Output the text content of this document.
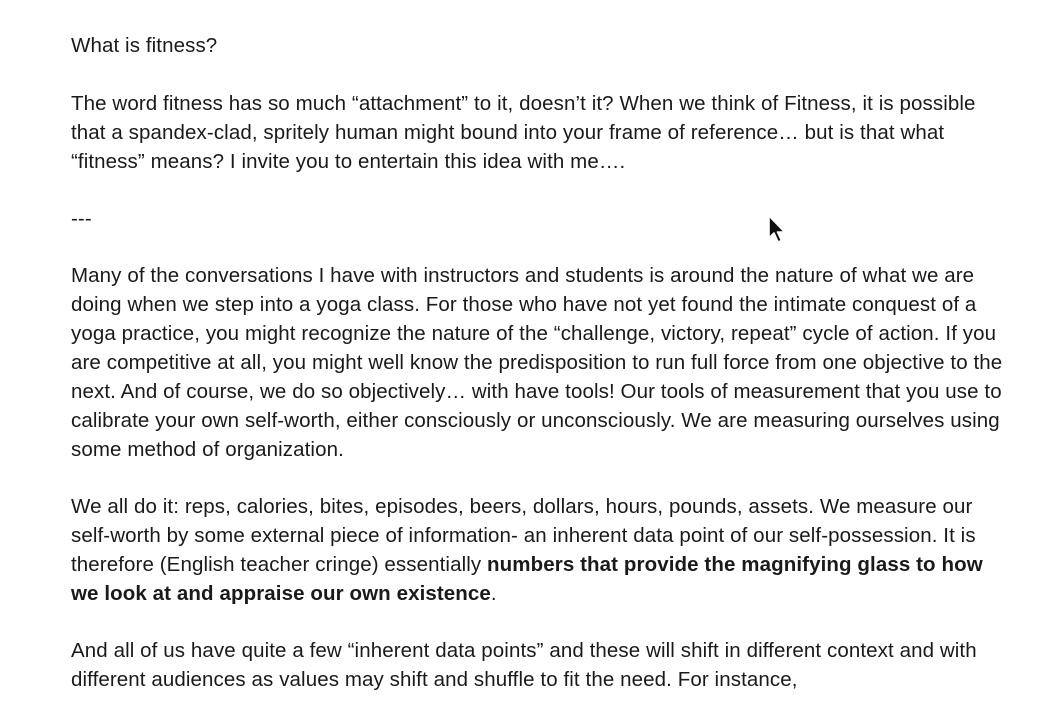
What is fitness?

The word fitness has so much “attachment” to it, doesn’t it? When we think of Fitness, it is possible that a spandex-clad, spritely human might bound into your frame of reference… but is that what “fitness” means? I invite you to entertain this idea with me….

---

Many of the conversations I have with instructors and students is around the nature of what we are doing when we step into a yoga class. For those who have not yet found the intimate conquest of a yoga practice, you might recognize the nature of the “challenge, victory, repeat” cycle of action. If you are competitive at all, you might well know the predisposition to run full force from one objective to the next. And of course, we do so objectively… with have tools! Our tools of measurement that you use to calibrate your own self-worth, either consciously or unconsciously. We are measuring ourselves using some method of organization.

We all do it: reps, calories, bites, episodes, beers, dollars, hours, pounds, assets. We measure our self-worth by some external piece of information- an inherent data point of our self-possession. It is therefore (English teacher cringe) essentially numbers that provide the magnifying glass to how we look at and appraise our own existence.

And all of us have quite a few “inherent data points” and these will shift in different context and with different audiences as values may shift and shuffle to fit the need. For instance,
